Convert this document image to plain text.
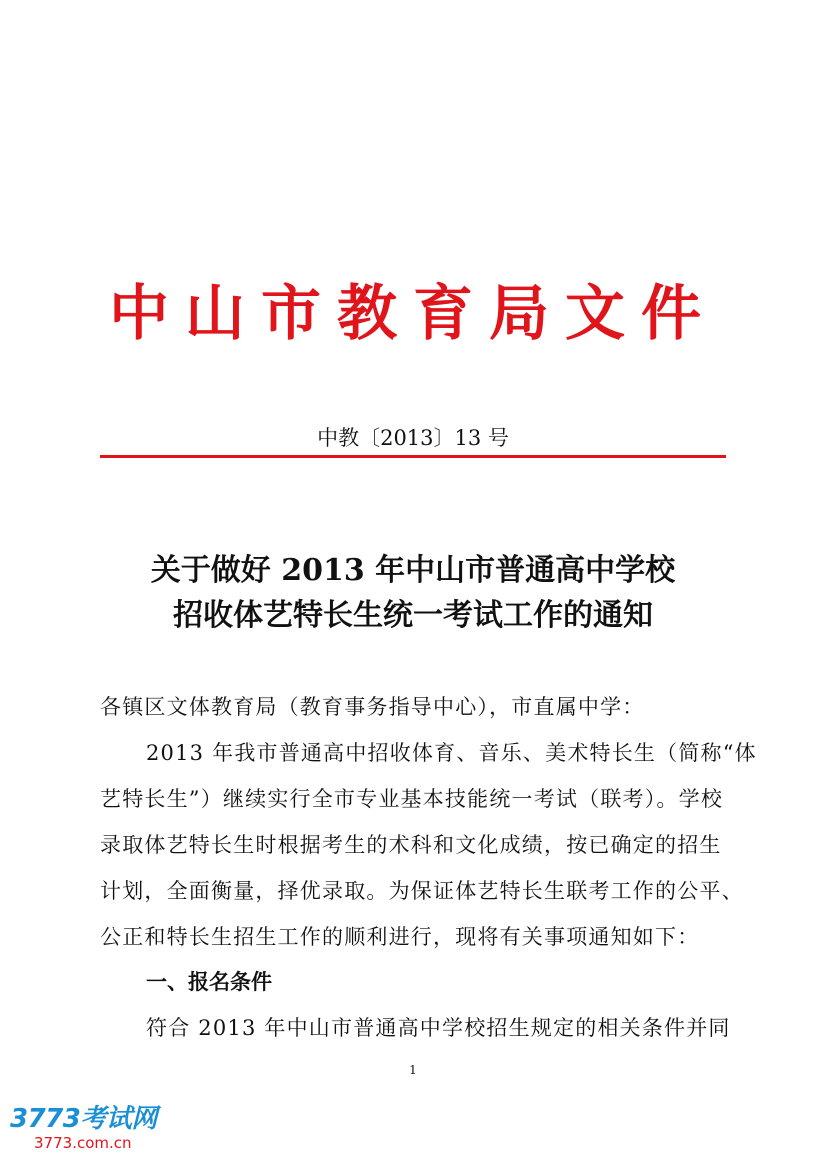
中山市教育局文件
中教〔2013〕13 号
关于做好 2013 年中山市普通高中学校
招收体艺特长生统一考试工作的通知
各镇区文体教育局（教育事务指导中心），市直属中学：
2013 年我市普通高中招收体育、音乐、美术特长生（简称“体
艺特长生”）继续实行全市专业基本技能统一考试（联考）。学校
录取体艺特长生时根据考生的术科和文化成绩，按已确定的招生
计划，全面衡量，择优录取。为保证体艺特长生联考工作的公平、
公正和特长生招生工作的顺利进行，现将有关事项通知如下：
一、报名条件
符合 2013 年中山市普通高中学校招生规定的相关条件并同
1
3773考试网
3773.com.cn
